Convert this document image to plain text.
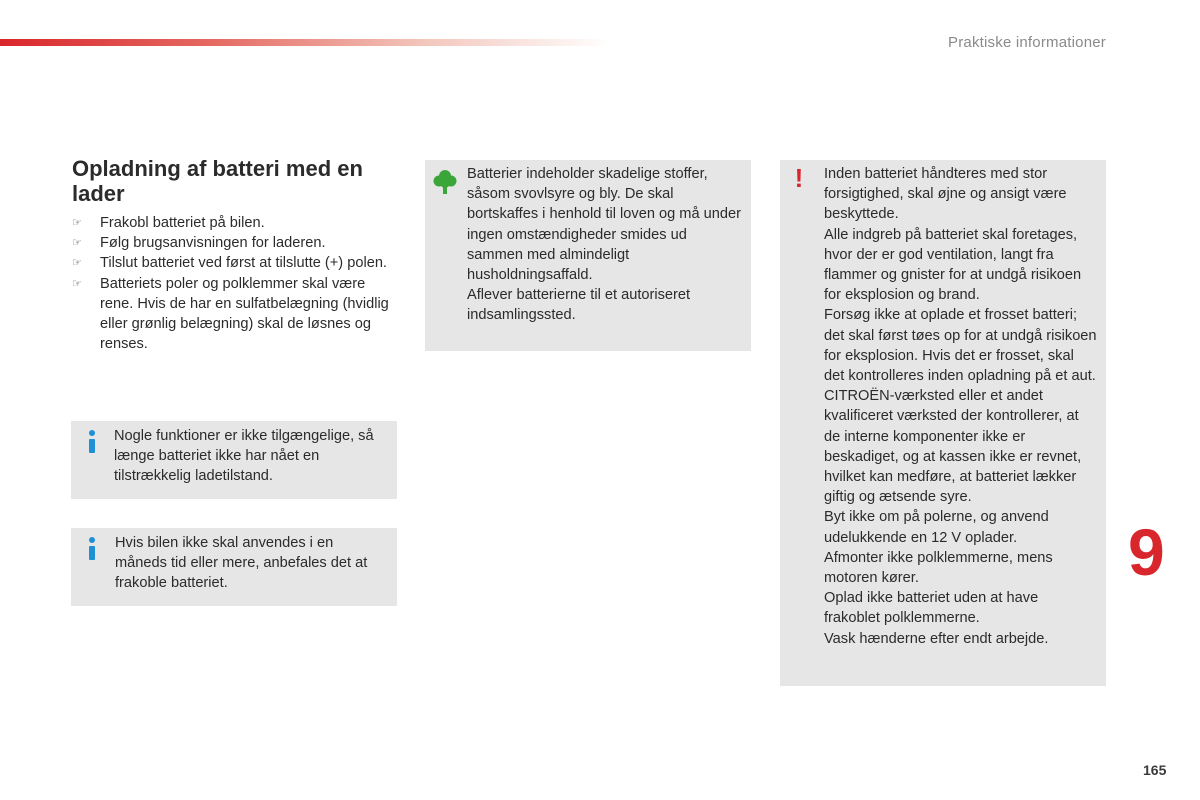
Praktiske informationer
Opladning af batteri med en lader
☞ Frakobl batteriet på bilen.
☞ Følg brugsanvisningen for laderen.
☞ Tilslut batteriet ved først at tilslutte (+) polen.
☞ Batteriets poler og polklemmer skal være rene. Hvis de har en sulfatbelægning (hvidlig eller grønlig belægning) skal de løsnes og renses.

Nogle funktioner er ikke tilgængelige, så længe batteriet ikke har nået en tilstrækkelig ladetilstand.

Hvis bilen ikke skal anvendes i en måneds tid eller mere, anbefales det at frakoble batteriet.

Batterier indeholder skadelige stoffer, såsom svovlsyre og bly. De skal bortskaffes i henhold til loven og må under ingen omstændigheder smides ud sammen med almindeligt husholdningsaffald.

Aflever batterierne til et autoriseret indsamlingssted.

! Inden batteriet håndteres med stor forsigtighed, skal øjne og ansigt være beskyttede.

Alle indgreb på batteriet skal foretages, hvor der er god ventilation, langt fra flammer og gnister for at undgå risikoen for eksplosion og brand.

Forsøg ikke at oplade et frosset batteri; det skal først tøes op for at undgå risikoen for eksplosion. Hvis det er frosset, skal det kontrolleres inden opladning på et aut. CITROËN-værksted eller et andet kvalificeret værksted der kontrollerer, at de interne komponenter ikke er beskadiget, og at kassen ikke er revnet, hvilket kan medføre, at batteriet lækker giftig og ætsende syre.

Byt ikke om på polerne, og anvend udelukkende en 12 V oplader.

Afmonter ikke polklemmerne, mens motoren kører.

Oplad ikke batteriet uden at have frakoblet polklemmerne.

Vask hænderne efter endt arbejde.

9
165
